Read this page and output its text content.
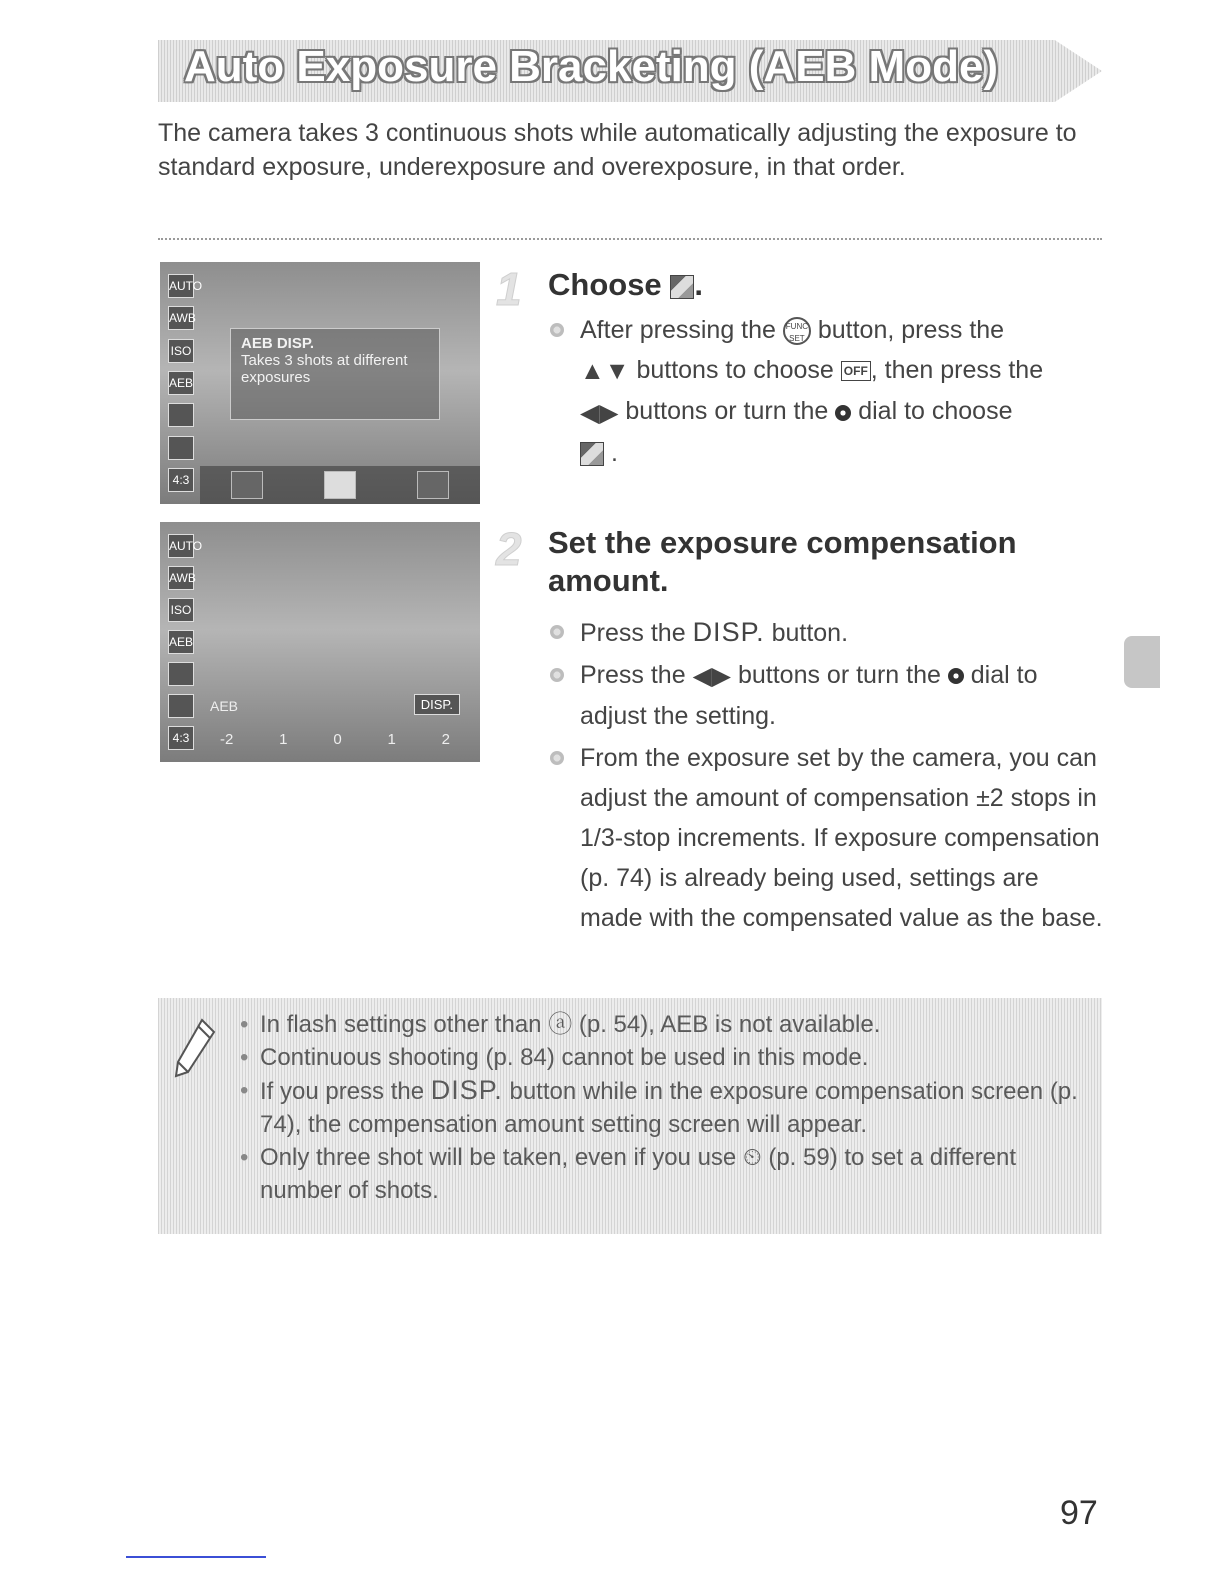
Auto Exposure Bracketing (AEB Mode)

The camera takes 3 continuous shots while automatically adjusting the exposure to standard exposure, underexposure and overexposure, in that order.

AUTO
AWB
ISO
AEB
4:3
AEB DISP.
Takes 3 shots at different exposures
1 Choose .
After pressing the FUNC
SET button, press the
▲▼ buttons to choose OFF , then press the
◀▶ buttons or turn the dial to choose
.
AUTO
AWB
ISO
AEB
4:3
AEB	DISP.
-2	1	0	1	2
2 Set the exposure compensation amount.
Press the DISP. button.
Press the ◀▶ buttons or turn the dial to adjust the setting.
From the exposure set by the camera, you can adjust the amount of compensation ±2 stops in 1/3-stop increments. If exposure compensation (p. 74) is already being used, settings are made with the compensated value as the base.
• In flash settings other than ⓐ (p. 54), AEB is not available.
• Continuous shooting (p. 84) cannot be used in this mode.
• If you press the DISP. button while in the exposure compensation screen (p. 74), the compensation amount setting screen will appear.
• Only three shot will be taken, even if you use ⏲ (p. 59) to set a different number of shots.
97
